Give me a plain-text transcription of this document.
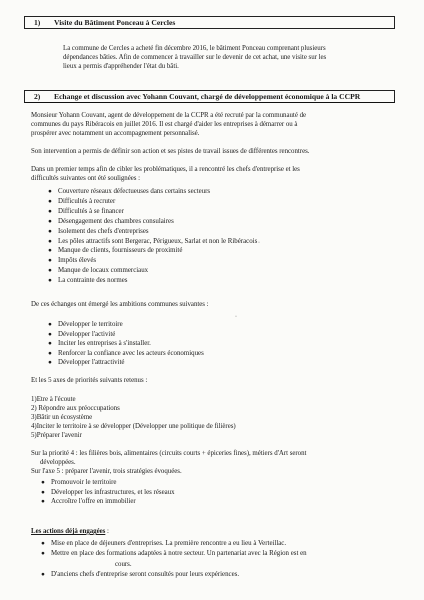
1) Visite du Bâtiment Ponceau à Cercles
La commune de Cercles a acheté fin décembre 2016, le bâtiment Ponceau comprenant plusieurs
dépendances bâties. Afin de commencer à travailler sur le devenir de cet achat, une visite sur les
lieux a permis d'appréhender l'état du bâti.
2) Echange et discussion avec Yohann Couvant, chargé de développement économique à la CCPR
Monsieur Yohann Couvant, agent de développement de la CCPR a été recruté par la communauté de
communes du pays Ribéracois en juillet 2016. Il est chargé d'aider les entreprises à démarrer ou à
prospérer avec notamment un accompagnement personnalisé.
Son intervention a permis de définir son action et ses pistes de travail issues de différentes rencontres.
Dans un premier temps afin de cibler les problématiques, il a rencontré les chefs d'entreprise et les
difficultés suivantes ont été soulignées :
● Couverture réseaux défectueuses dans certains secteurs
● Difficultés à recruter
● Difficultés à se financer
● Désengagement des chambres consulaires
● Isolement des chefs d'entreprises
● Les pôles attractifs sont Bergerac, Périgueux, Sarlat et non le Ribéracois
● Manque de clients, fournisseurs de proximité
● Impôts élevés
● Manque de locaux commerciaux
● La contrainte des normes
·
·
De ces échanges ont émergé les ambitions communes suivantes :
● Développer le territoire
● Développer l'activité
● Inciter les entreprises à s'installer.
● Renforcer la confiance avec les acteurs économiques
● Développer l'attractivité
Et les 5 axes de priorités suivants retenus :
1)Etre à l'écoute
2) Répondre aux préoccupations
3)Bâtir un écosystème
4)Inciter le territoire à se développer (Développer une politique de filières)
5)Préparer l'avenir
Sur la priorité 4 : les filières bois, alimentaires (circuits courts + épiceries fines), métiers d'Art seront
développées.
Sur l'axe 5 : préparer l'avenir, trois stratégies évoquées.
● Promouvoir le territoire
● Développer les infrastructures, et les réseaux
● Accroître l'offre en immobilier
Les actions déjà engagées :
● Mise en place de déjeuners d'entreprises. La première rencontre a eu lieu à Verteillac.
● Mettre en place des formations adaptées à notre secteur. Un partenariat avec la Région est en
cours.
● D'anciens chefs d'entreprise seront consultés pour leurs expériences.
